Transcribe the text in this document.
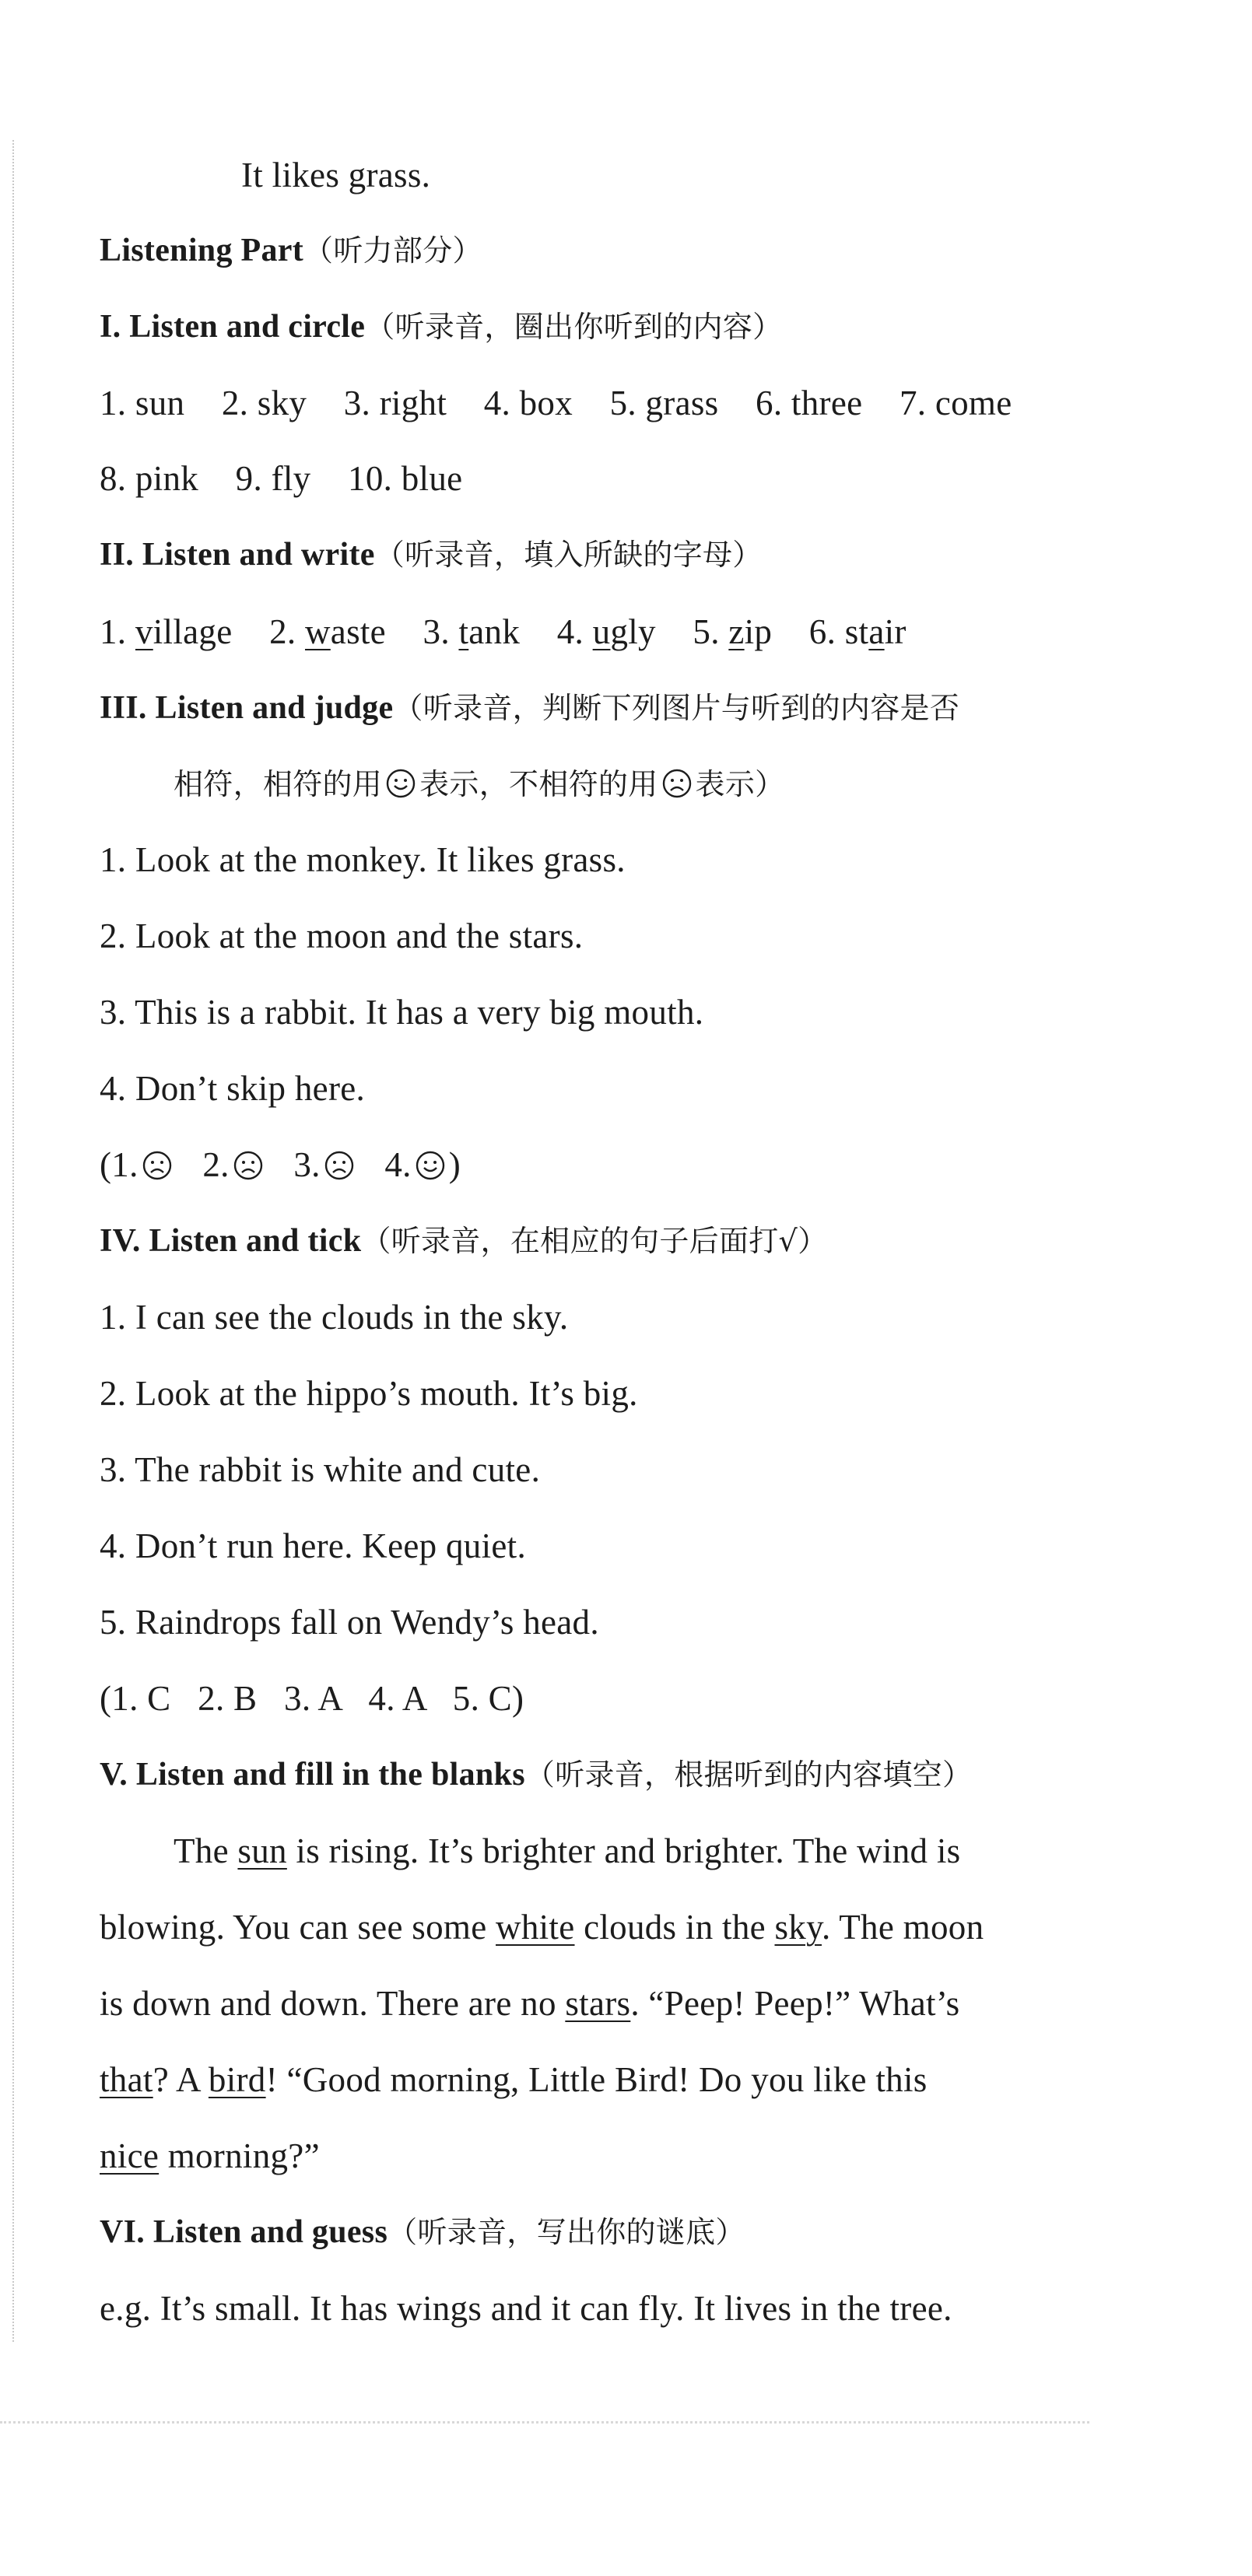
It likes grass.
Listening Part（听力部分）
I. Listen and circle（听录音，圈出你听到的内容）
1. sun 2. sky 3. right 4. box 5. grass 6. three 7. come
8. pink 9. fly 10. blue
II. Listen and write（听录音，填入所缺的字母）
1. village 2. waste 3. tank 4. ugly 5. zip 6. stair
III. Listen and judge（听录音，判断下列图片与听到的内容是否
相符，相符的用 表示，不相符的用 表示）
1. Look at the monkey. It likes grass.
2. Look at the moon and the stars.
3. This is a rabbit. It has a very big mouth.
4. Don’t skip here.
(1. 2. 3. 4. )
IV. Listen and tick（听录音，在相应的句子后面打√）
1. I can see the clouds in the sky.
2. Look at the hippo’s mouth. It’s big.
3. The rabbit is white and cute.
4. Don’t run here. Keep quiet.
5. Raindrops fall on Wendy’s head.
(1. C   2. B   3. A   4. A   5. C)
V. Listen and fill in the blanks（听录音，根据听到的内容填空）
The sun is rising. It’s brighter and brighter. The wind is
blowing. You can see some white clouds in the sky. The moon
is down and down. There are no stars. “Peep! Peep!” What’s
that? A bird! “Good morning, Little Bird! Do you like this
nice morning?”
VI. Listen and guess（听录音，写出你的谜底）
e.g. It’s small. It has wings and it can fly. It lives in the tree.
